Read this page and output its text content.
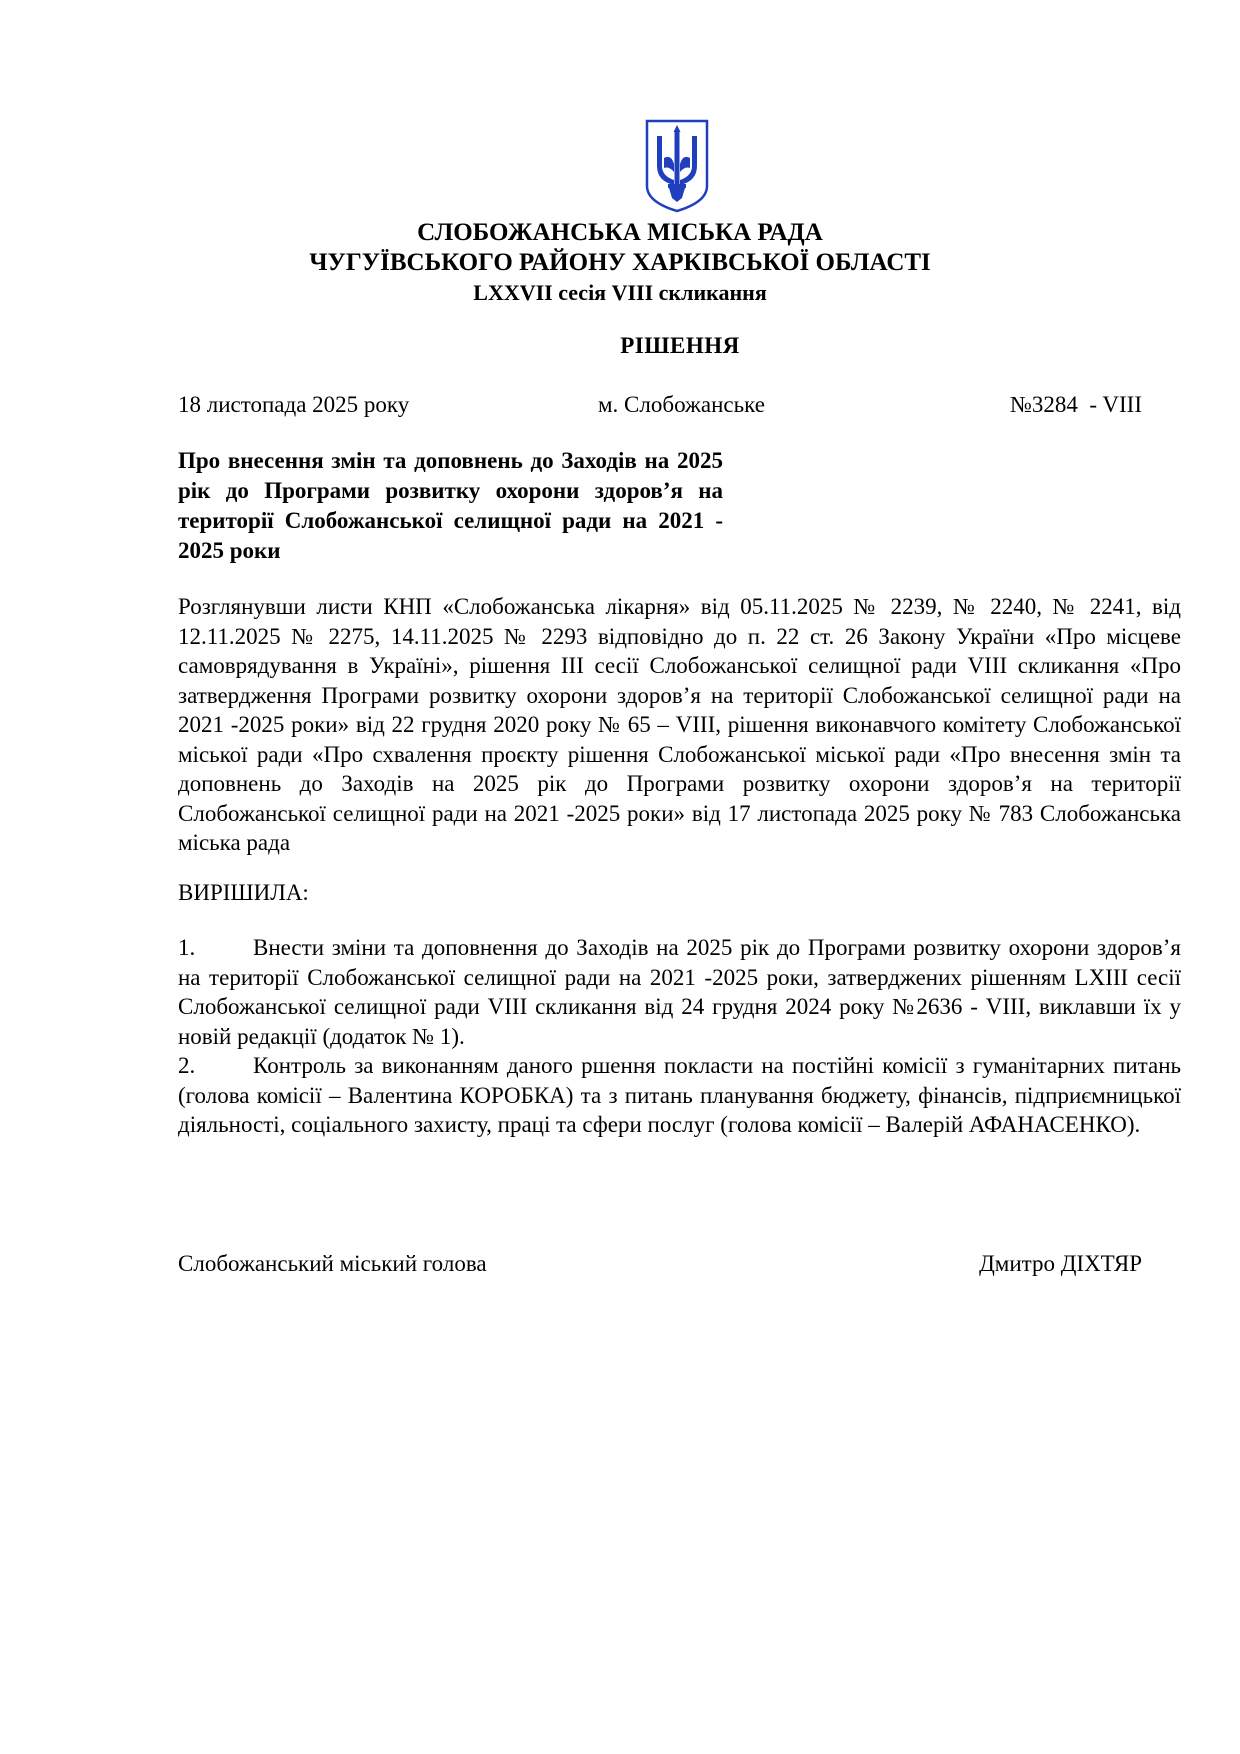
СЛОБОЖАНСЬКА МІСЬКА РАДА
ЧУГУЇВСЬКОГО РАЙОНУ ХАРКІВСЬКОЇ ОБЛАСТІ
LXXVII сесія VIII скликання
РІШЕННЯ
18 листопада 2025 року	м. Слобожанське	№3284  - VIII
Про внесення змін та доповнень до Заходів на 2025 рік до Програми розвитку охорони здоров’я на території Слобожанської селищної ради на 2021 - 2025 роки
Розглянувши листи КНП «Слобожанська лікарня» від 05.11.2025 № 2239, № 2240, № 2241, від 12.11.2025 № 2275, 14.11.2025 № 2293 відповідно до п. 22 ст. 26 Закону України «Про місцеве самоврядування в Україні», рішення ІІІ сесії Слобожанської селищної ради VIII скликання «Про затвердження Програми розвитку охорони здоров’я на території Слобожанської селищної ради на 2021 -2025 роки» від 22 грудня 2020 року № 65 – VIII, рішення виконавчого комітету Слобожанської міської ради «Про схвалення проєкту рішення Слобожанської міської ради «Про внесення змін та доповнень до Заходів на 2025 рік до Програми розвитку охорони здоров’я на території Слобожанської селищної ради на 2021 -2025 роки» від 17 листопада 2025 року № 783 Слобожанська міська рада
ВИРІШИЛА:

1.	Внести зміни та доповнення до Заходів на 2025 рік до Програми розвитку охорони здоров’я на території Слобожанської селищної ради на 2021 -2025 роки, затверджених рішенням LXIII сесії Слобожанської селищної ради VIII скликання від 24 грудня 2024 року №2636 - VIII, виклавши їх у новій редакції (додаток № 1).

2.	Контроль за виконанням даного ршення покласти на постійні комісії з гуманітарних питань (голова комісії – Валентина КОРОБКА) та з питань планування бюджету, фінансів, підприємницької діяльності, соціального захисту, праці та сфери послуг (голова комісії – Валерій АФАНАСЕНКО).

Слобожанський міський голова	Дмитро ДІХТЯР
